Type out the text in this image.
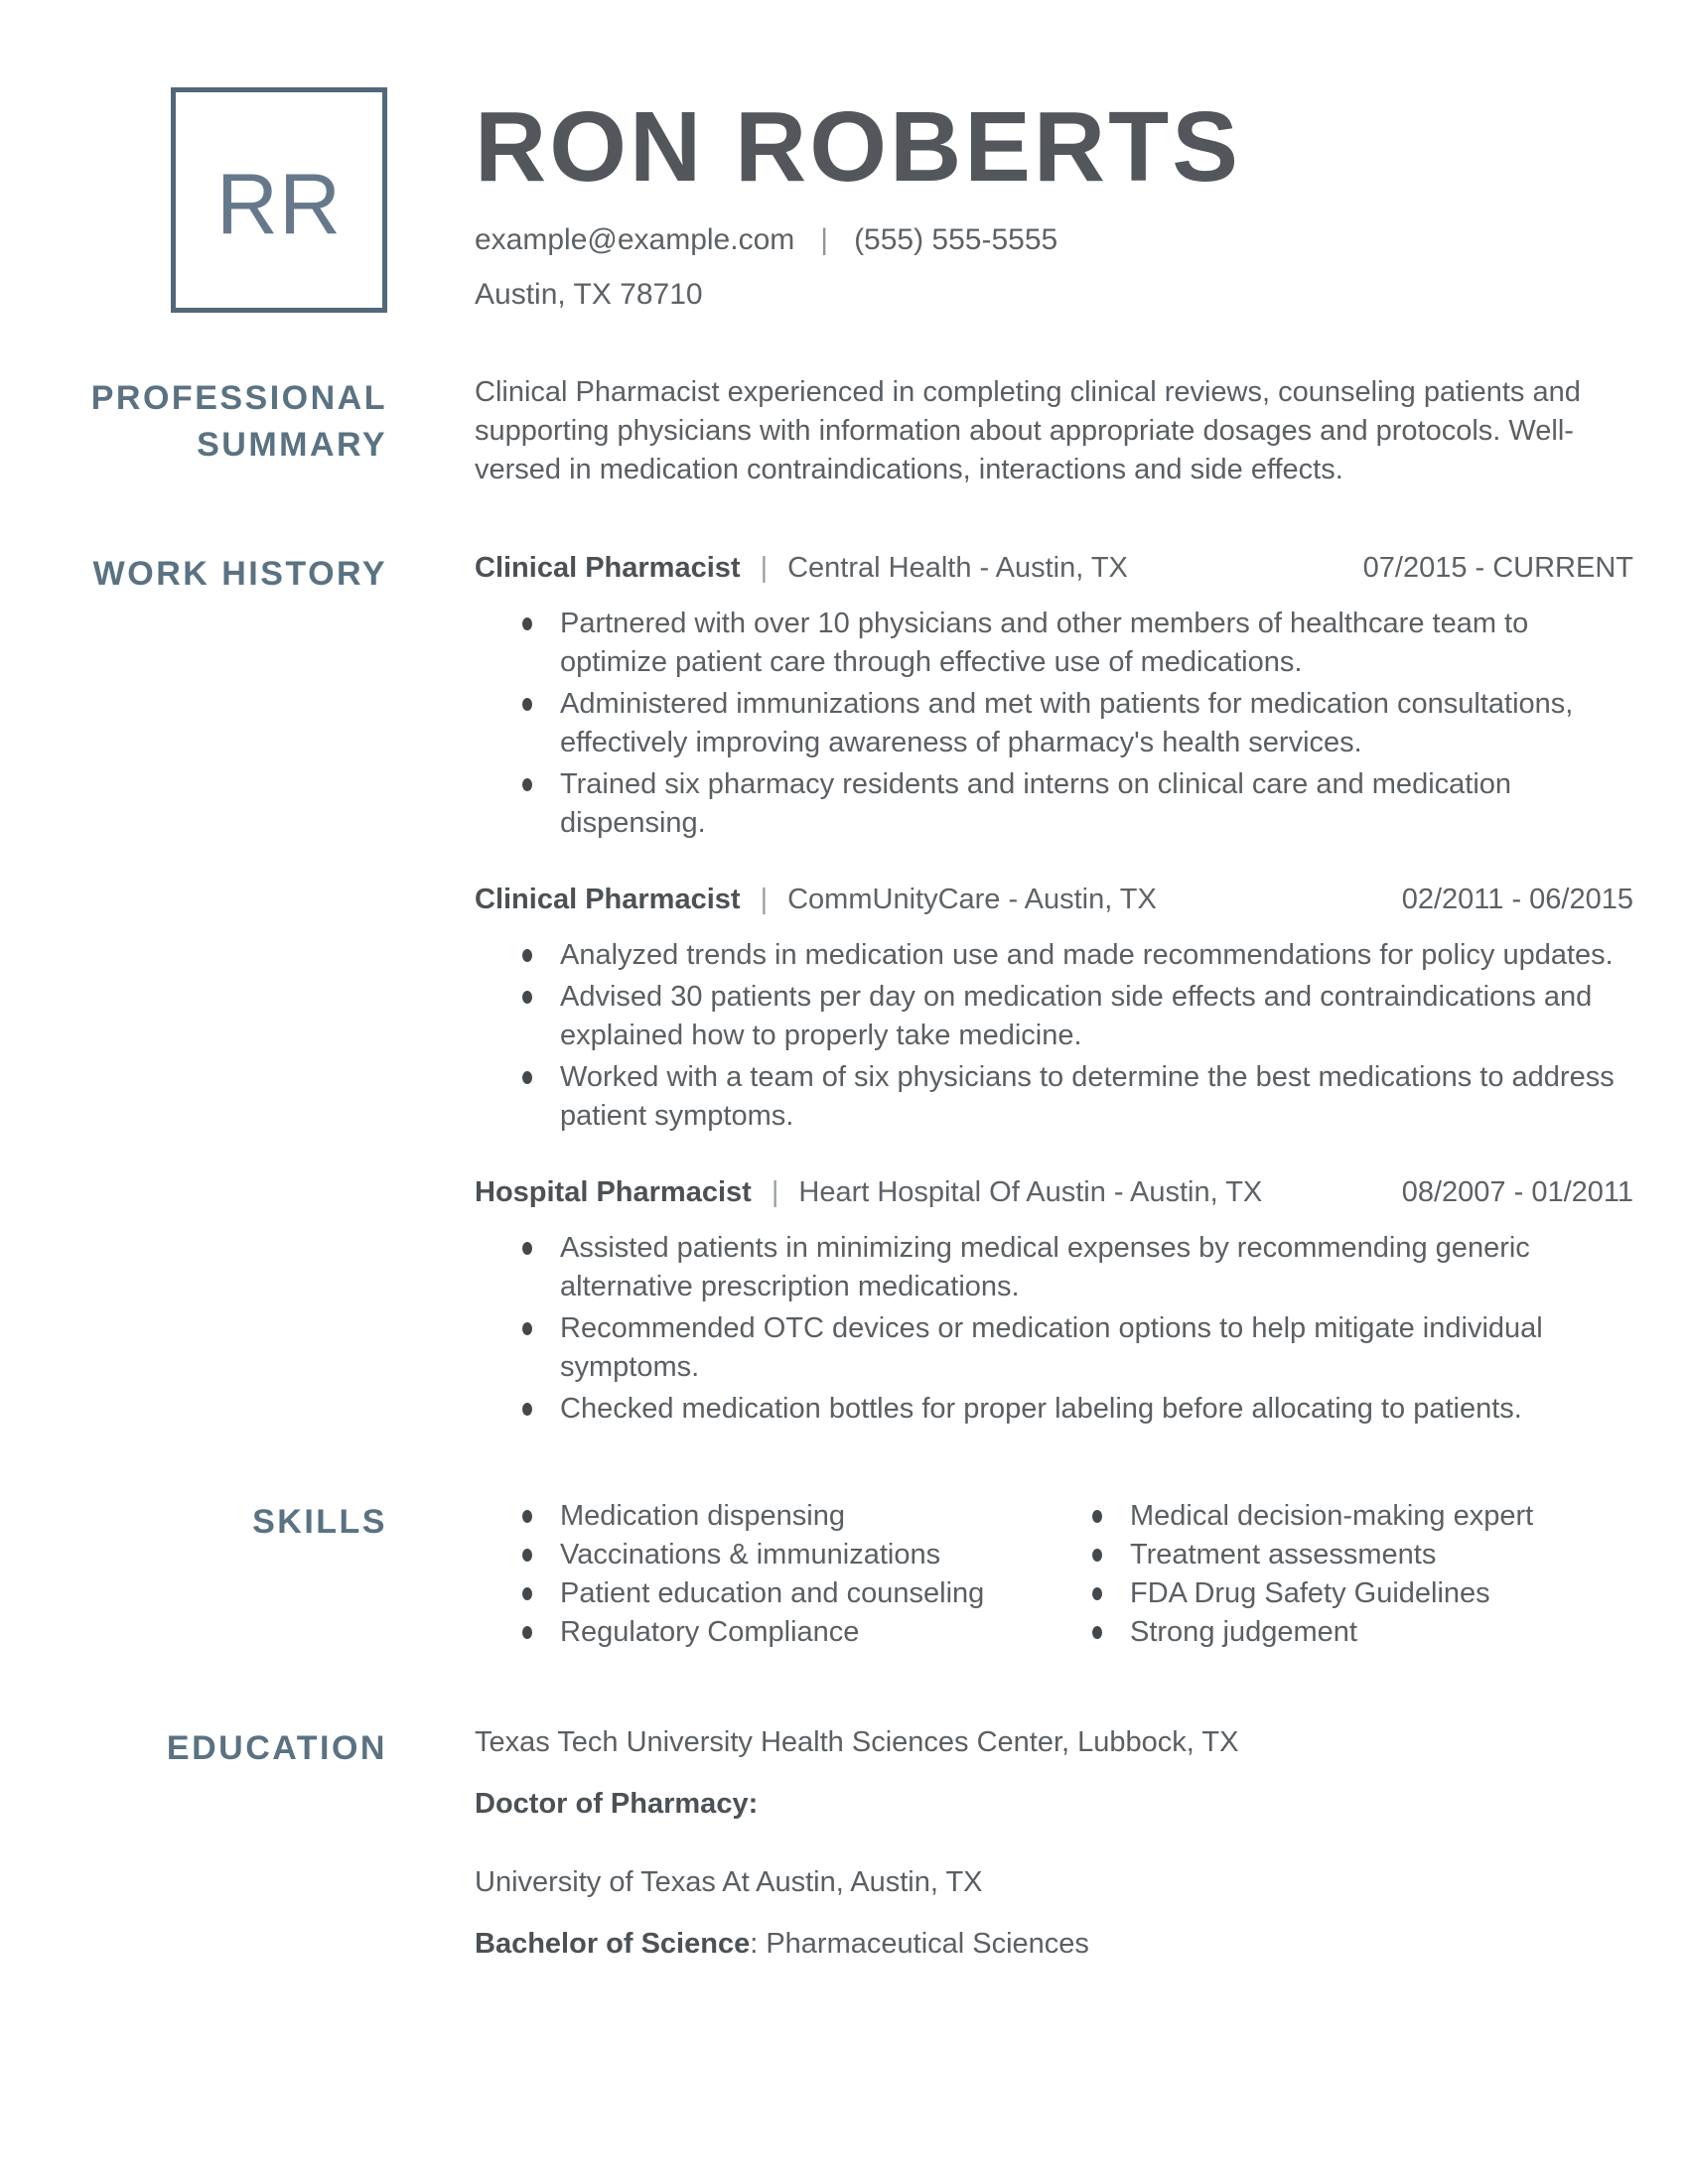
RR
RON ROBERTS
example@example.com | (555) 555-5555
Austin, TX 78710
PROFESSIONAL
SUMMARY

Clinical Pharmacist experienced in completing clinical reviews, counseling patients and supporting physicians with information about appropriate dosages and protocols. Well-versed in medication contraindications, interactions and side effects.

WORK HISTORY	Clinical Pharmacist | Central Health - Austin, TX	07/2015 - CURRENT
Partnered with over 10 physicians and other members of healthcare team to optimize patient care through effective use of medications.
Administered immunizations and met with patients for medication consultations, effectively improving awareness of pharmacy's health services.
Trained six pharmacy residents and interns on clinical care and medication dispensing.
Clinical Pharmacist | CommUnityCare - Austin, TX	02/2011 - 06/2015
Analyzed trends in medication use and made recommendations for policy updates.
Advised 30 patients per day on medication side effects and contraindications and explained how to properly take medicine.
Worked with a team of six physicians to determine the best medications to address patient symptoms.
Hospital Pharmacist | Heart Hospital Of Austin - Austin, TX	08/2007 - 01/2011
Assisted patients in minimizing medical expenses by recommending generic alternative prescription medications.
Recommended OTC devices or medication options to help mitigate individual symptoms.
Checked medication bottles for proper labeling before allocating to patients.
SKILLS	Medication dispensing
Vaccinations & immunizations
Patient education and counseling
Regulatory Compliance
Medical decision-making expert
Treatment assessments
FDA Drug Safety Guidelines
Strong judgement
EDUCATION	Texas Tech University Health Sciences Center, Lubbock, TX

Doctor of Pharmacy:

University of Texas At Austin, Austin, TX

Bachelor of Science: Pharmaceutical Sciences
